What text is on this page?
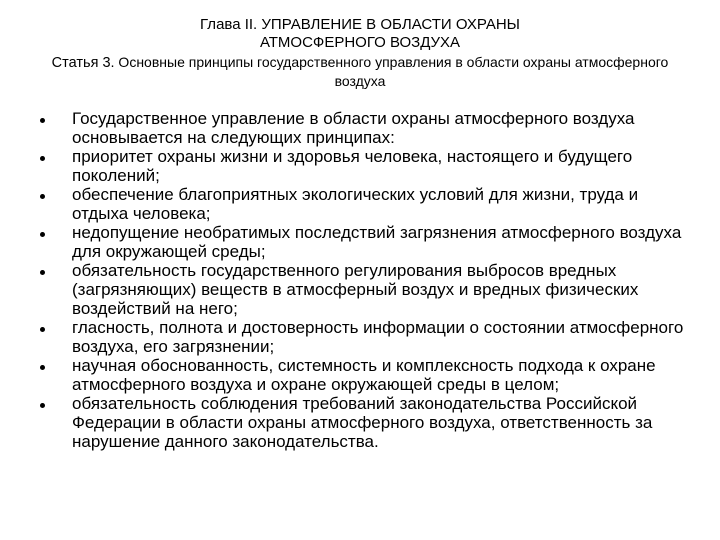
Глава II. УПРАВЛЕНИЕ В ОБЛАСТИ ОХРАНЫ
АТМОСФЕРНОГО ВОЗДУХА
Статья 3. Основные принципы государственного управления в области охраны атмосферного воздуха
Государственное управление в области охраны атмосферного воздуха основывается на следующих принципах:
приоритет охраны жизни и здоровья человека, настоящего и будущего поколений;
обеспечение благоприятных экологических условий для жизни, труда и отдыха человека;
недопущение необратимых последствий загрязнения атмосферного воздуха для окружающей среды;
обязательность государственного регулирования выбросов вредных (загрязняющих) веществ в атмосферный воздух и вредных физических воздействий на него;
гласность, полнота и достоверность информации о состоянии атмосферного воздуха, его загрязнении;
научная обоснованность, системность и комплексность подхода к охране атмосферного воздуха и охране окружающей среды в целом;
обязательность соблюдения требований законодательства Российской Федерации в области охраны атмосферного воздуха, ответственность за нарушение данного законодательства.
